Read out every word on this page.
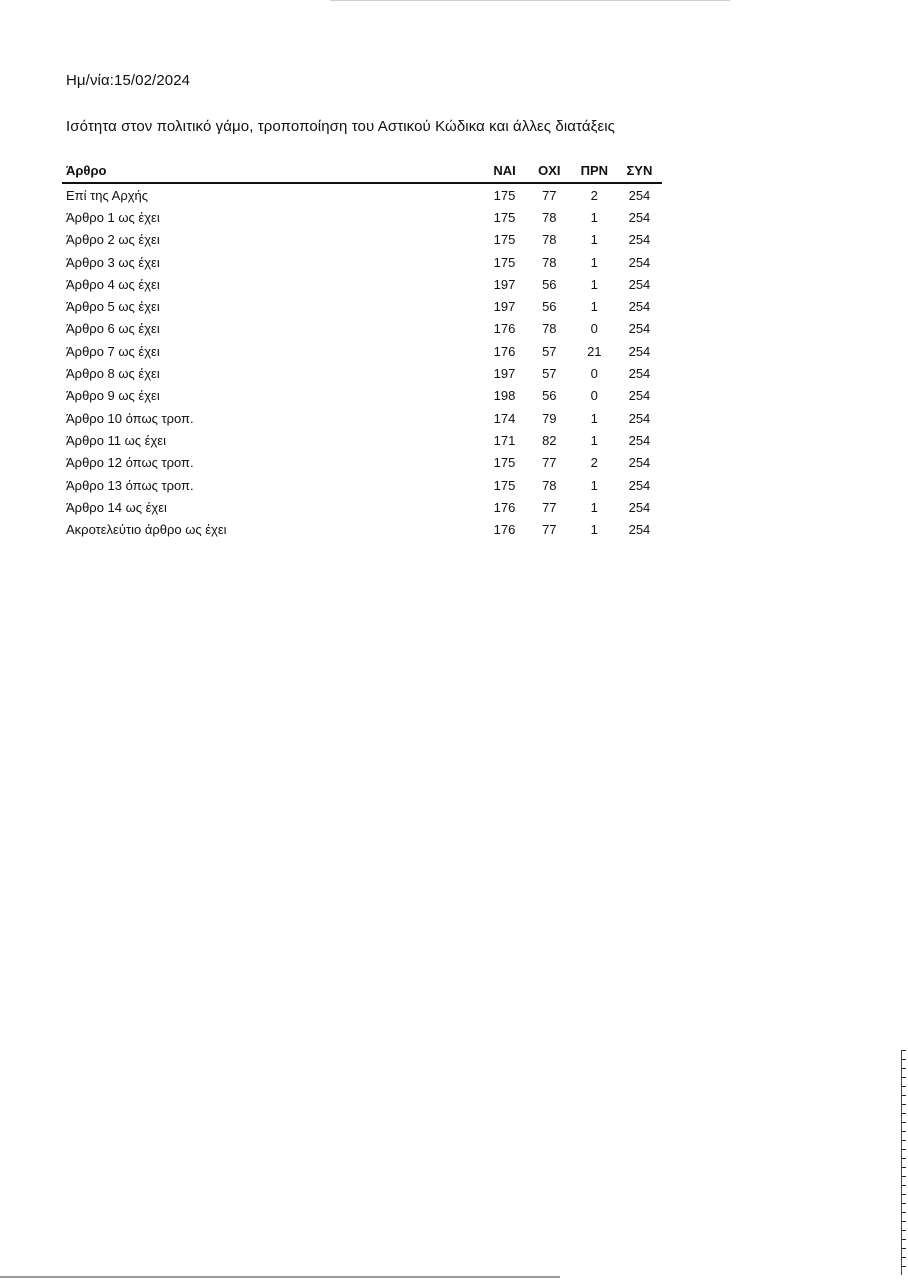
Ημ/νία:15/02/2024
Ισότητα στον πολιτικό γάμο, τροποποίηση του Αστικού Κώδικα και άλλες διατάξεις
Άρθρο	ΝΑΙ	ΟΧΙ	ΠΡΝ	ΣΥΝ
Επί της Αρχής	175	77	2	254
Άρθρο 1 ως έχει	175	78	1	254
Άρθρο 2 ως έχει	175	78	1	254
Άρθρο 3 ως έχει	175	78	1	254
Άρθρο 4 ως έχει	197	56	1	254
Άρθρο 5 ως έχει	197	56	1	254
Άρθρο 6 ως έχει	176	78	0	254
Άρθρο 7 ως έχει	176	57	21	254
Άρθρο 8 ως έχει	197	57	0	254
Άρθρο 9 ως έχει	198	56	0	254
Άρθρο 10 όπως τροπ.	174	79	1	254
Άρθρο 11 ως έχει	171	82	1	254
Άρθρο 12 όπως τροπ.	175	77	2	254
Άρθρο 13 όπως τροπ.	175	78	1	254
Άρθρο 14 ως έχει	176	77	1	254
Ακροτελεύτιο άρθρο ως έχει	176	77	1	254
